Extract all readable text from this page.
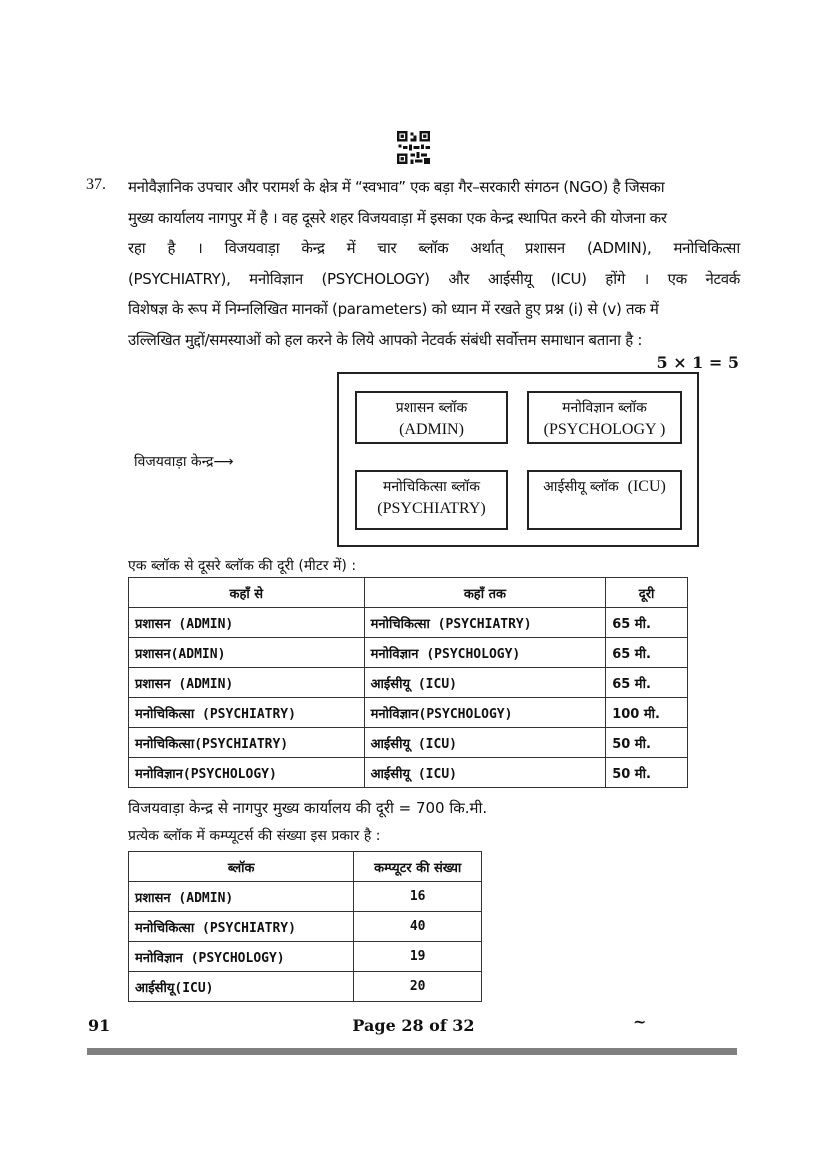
37. मनोवैज्ञानिक उपचार और परामर्श के क्षेत्र में “स्वभाव” एक बड़ा गैर–सरकारी संगठन (NGO) है जिसका
मुख्य कार्यालय नागपुर में है । वह दूसरे शहर विजयवाड़ा में इसका एक केन्द्र स्थापित करने की योजना कर
रहा है । विजयवाड़ा केन्द्र में चार ब्लॉक अर्थात् प्रशासन (ADMIN), मनोचिकित्सा
(PSYCHIATRY), मनोविज्ञान (PSYCHOLOGY) और आईसीयू (ICU) होंगे । एक नेटवर्क
विशेषज्ञ के रूप में निम्नलिखित मानकों (parameters) को ध्यान में रखते हुए प्रश्न (i) से (v) तक में
उल्लिखित मुद्दों/समस्याओं को हल करने के लिये आपको नेटवर्क संबंधी सर्वोत्तम समाधान बताना है :
5 × 1 = 5
विजयवाड़ा केन्द्र⟶
प्रशासन ब्लॉक
(ADMIN)
मनोविज्ञान ब्लॉक
(PSYCHOLOGY )
मनोचिकित्सा ब्लॉक
(PSYCHIATRY)
आईसीयू ब्लॉक (ICU)
एक ब्लॉक से दूसरे ब्लॉक की दूरी (मीटर में) :
कहाँ से	कहाँ तक	दूरी
प्रशासन (ADMIN)	मनोचिकित्सा (PSYCHIATRY)	65 मी.
प्रशासन(ADMIN)	मनोविज्ञान (PSYCHOLOGY)	65 मी.
प्रशासन (ADMIN)	आईसीयू (ICU)	65 मी.
मनोचिकित्सा (PSYCHIATRY)	मनोविज्ञान(PSYCHOLOGY)	100 मी.
मनोचिकित्सा(PSYCHIATRY)	आईसीयू (ICU)	50 मी.
मनोविज्ञान(PSYCHOLOGY)	आईसीयू (ICU)	50 मी.
विजयवाड़ा केन्द्र से नागपुर मुख्य कार्यालय की दूरी = 700 कि.मी.
प्रत्येक ब्लॉक में कम्प्यूटर्स की संख्या इस प्रकार है :
ब्लॉक	कम्प्यूटर की संख्या
प्रशासन (ADMIN)	16
मनोचिकित्सा (PSYCHIATRY)	40
मनोविज्ञान (PSYCHOLOGY)	19
आईसीयू(ICU)	20
91	Page 28 of 32	~
